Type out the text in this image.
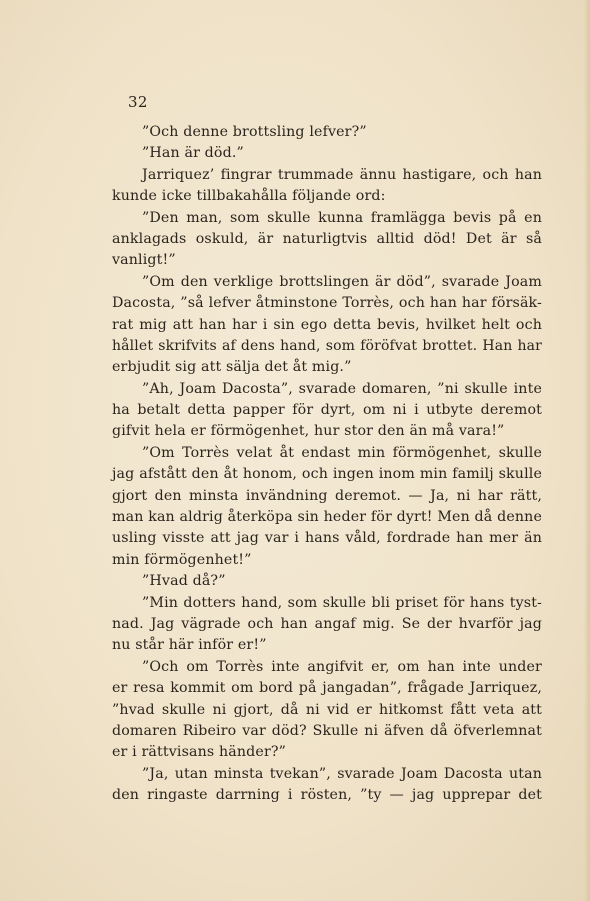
32
”Och denne brottsling lefver?”
”Han är död.”
Jarriquez’ fingrar trummade ännu hastigare, och han
kunde icke tillbakahålla följande ord:
”Den man, som skulle kunna framlägga bevis på en
anklagads oskuld, är naturligtvis alltid död! Det är så
vanligt!”
”Om den verklige brottslingen är död”, svarade Joam
Dacosta, ”så lefver åtminstone Torrès, och han har försäk-
rat mig att han har i sin ego detta bevis, hvilket helt och
hållet skrifvits af dens hand, som föröfvat brottet. Han har
erbjudit sig att sälja det åt mig.”
”Ah, Joam Dacosta”, svarade domaren, ”ni skulle inte
ha betalt detta papper för dyrt, om ni i utbyte deremot
gifvit hela er förmögenhet, hur stor den än må vara!”
”Om Torrès velat åt endast min förmögenhet, skulle
jag afstått den åt honom, och ingen inom min familj skulle
gjort den minsta invändning deremot. — Ja, ni har rätt,
man kan aldrig återköpa sin heder för dyrt! Men då denne
usling visste att jag var i hans våld, fordrade han mer än
min förmögenhet!”
”Hvad då?”
”Min dotters hand, som skulle bli priset för hans tyst-
nad. Jag vägrade och han angaf mig. Se der hvarför jag
nu står här inför er!”
”Och om Torrès inte angifvit er, om han inte under
er resa kommit om bord på jangadan”, frågade Jarriquez,
”hvad skulle ni gjort, då ni vid er hitkomst fått veta att
domaren Ribeiro var död? Skulle ni äfven då öfverlemnat
er i rättvisans händer?”
”Ja, utan minsta tvekan”, svarade Joam Dacosta utan
den ringaste darrning i rösten, ”ty — jag upprepar det
